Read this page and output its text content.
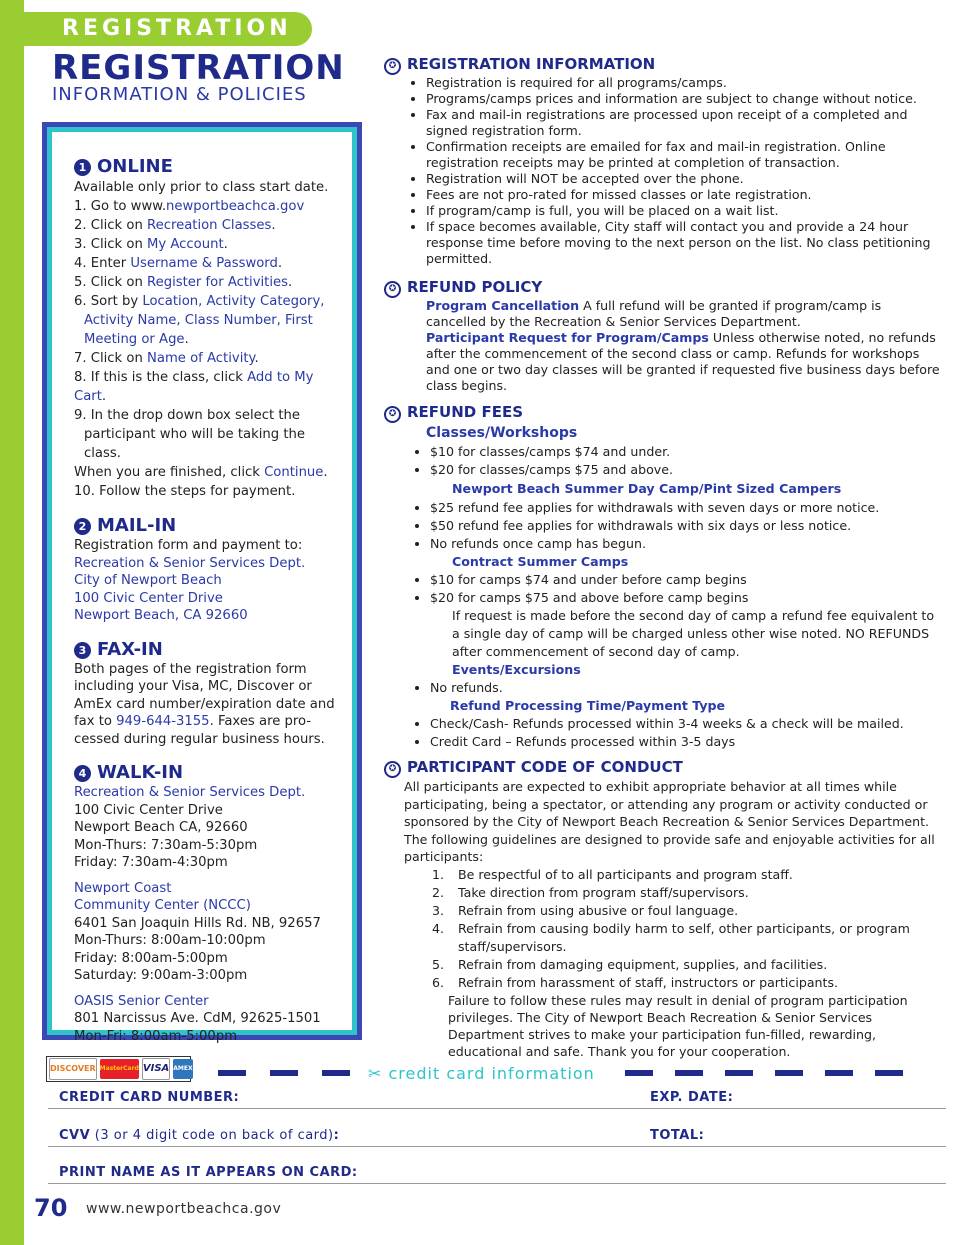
REGISTRATION
REGISTRATION
INFORMATION & POLICIES

1 ONLINE

Available only prior to class start date.

1. Go to www.newportbeachca.gov

2. Click on Recreation Classes.

3. Click on My Account.

4. Enter Username & Password.

5. Click on Register for Activities.

6. Sort by Location, Activity Category,

Activity Name, Class Number, First

Meeting or Age.

7. Click on Name of Activity.

8. If this is the class, click Add to My Cart.

9. In the drop down box select the

participant who will be taking the class.

When you are finished, click Continue.

10. Follow the steps for payment.

2 MAIL-IN

Registration form and payment to:

Recreation & Senior Services Dept.

City of Newport Beach

100 Civic Center Drive

Newport Beach, CA 92660

3 FAX-IN

Both pages of the registration form

including your Visa, MC, Discover or

AmEx card number/expiration date and

fax to 949-644-3155. Faxes are pro-

cessed during regular business hours.

4 WALK-IN

Recreation & Senior Services Dept.

100 Civic Center Drive

Newport Beach CA, 92660

Mon-Thurs: 7:30am-5:30pm

Friday: 7:30am-4:30pm

Newport Coast

Community Center (NCCC)

6401 San Joaquin Hills Rd. NB, 92657

Mon-Thurs: 8:00am-10:00pm

Friday: 8:00am-5:00pm

Saturday: 9:00am-3:00pm

OASIS Senior Center

801 Narcissus Ave. CdM, 92625-1501

Mon-Fri: 8:00am-5:00pm

✪ REGISTRATION INFORMATION

• Registration is required for all programs/camps.
• Programs/camps prices and information are subject to change without notice.
• Fax and mail-in registrations are processed upon receipt of a completed and signed registration form.
• Confirmation receipts are emailed for fax and mail-in registration. Online registration receipts may be printed at completion of transaction.
• Registration will NOT be accepted over the phone.
• Fees are not pro-rated for missed classes or late registration.
• If program/camp is full, you will be placed on a wait list.
• If space becomes available, City staff will contact you and provide a 24 hour response time before moving to the next person on the list. No class petitioning permitted.

✪ REFUND POLICY

Program Cancellation A full refund will be granted if program/camp is cancelled by the Recreation & Senior Services Department.

Participant Request for Program/Camps Unless otherwise noted, no refunds after the commencement of the second class or camp. Refunds for workshops and one or two day classes will be granted if requested five business days before class begins.

✪ REFUND FEES

Classes/Workshops

• $10 for classes/camps $74 and under.
• $20 for classes/camps $75 and above.

Newport Beach Summer Day Camp/Pint Sized Campers

• $25 refund fee applies for withdrawals with seven days or more notice.
• $50 refund fee applies for withdrawals with six days or less notice.
• No refunds once camp has begun.

Contract Summer Camps

• $10 for camps $74 and under before camp begins
• $20 for camps $75 and above before camp begins

If request is made before the second day of camp a refund fee equivalent to a single day of camp will be charged unless other wise noted. NO REFUNDS after commencement of second day of camp.

Events/Excursions

• No refunds.

Refund Processing Time/Payment Type

• Check/Cash- Refunds processed within 3-4 weeks & a check will be mailed.
• Credit Card – Refunds processed within 3-5 days

✪ PARTICIPANT CODE OF CONDUCT

All participants are expected to exhibit appropriate behavior at all times while participating, being a spectator, or attending any program or activity conducted or sponsored by the City of Newport Beach Recreation & Senior Services Department. The following guidelines are designed to provide safe and enjoyable activities for all participants:

1. Be respectful of to all participants and program staff.
2. Take direction from program staff/supervisors.
3. Refrain from using abusive or foul language.
4. Refrain from causing bodily harm to self, other participants, or program staff/supervisors.
5. Refrain from damaging equipment, supplies, and facilities.
6. Refrain from harassment of staff, instructors or participants.

Failure to follow these rules may result in denial of program participation privileges. The City of Newport Beach Recreation & Senior Services Department strives to make your participation fun-filled, rewarding, educational and safe. Thank you for your cooperation.

DISCOVER MasterCard VISA AMEX	✂ credit card information
CREDIT CARD NUMBER:	EXP. DATE:
CVV (3 or 4 digit code on back of card):	TOTAL:
PRINT NAME AS IT APPEARS ON CARD:
70 www.newportbeachca.gov
